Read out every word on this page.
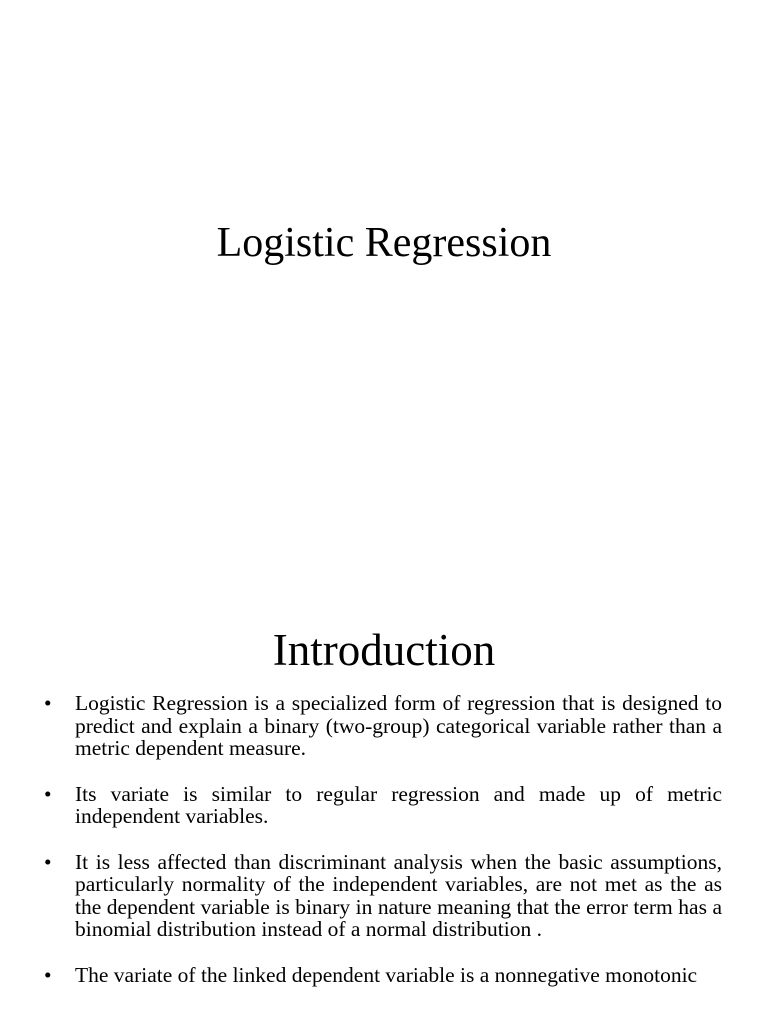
Logistic Regression
Introduction
• Logistic Regression is a specialized form of regression that is designed to predict and explain a binary (two-group) categorical variable rather than a metric dependent measure.
• Its variate is similar to regular regression and made up of metric independent variables.
• It is less affected than discriminant analysis when the basic assumptions, particularly normality of the independent variables, are not met as the as the dependent variable is binary in nature meaning that the error term has a binomial distribution instead of a normal distribution .
• The variate of the linked dependent variable is a nonnegative monotonic
